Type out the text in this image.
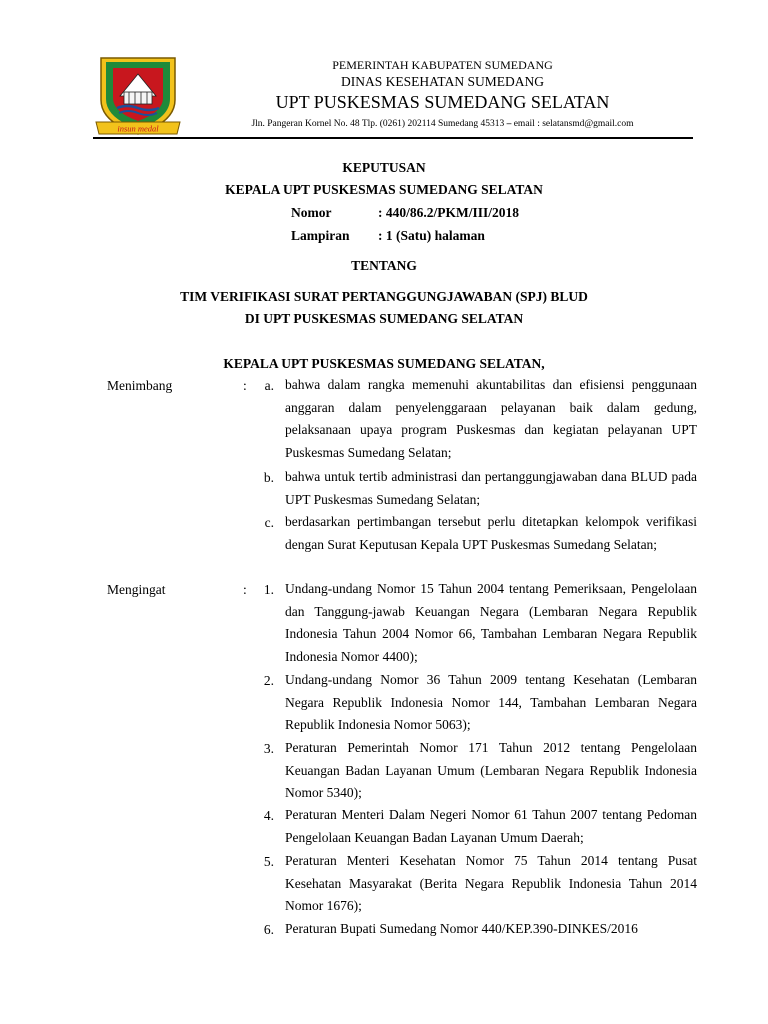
insun medal
PEMERINTAH KABUPATEN SUMEDANG
DINAS KESEHATAN SUMEDANG
UPT PUSKESMAS SUMEDANG SELATAN
Jln. Pangeran Kornel No. 48 Tlp. (0261) 202114 Sumedang 45313 – email : selatansmd@gmail.com
KEPUTUSAN
KEPALA UPT PUSKESMAS SUMEDANG SELATAN
Nomor	: 440/86.2/PKM/III/2018
Lampiran : 1 (Satu) halaman
TENTANG
TIM VERIFIKASI SURAT PERTANGGUNGJAWABAN (SPJ) BLUD
DI UPT PUSKESMAS SUMEDANG SELATAN
KEPALA UPT PUSKESMAS SUMEDANG SELATAN,
Menimbang	:	a. bahwa dalam rangka memenuhi akuntabilitas dan efisiensi penggunaan anggaran dalam penyelenggaraan pelayanan baik dalam gedung, pelaksanaan upaya program Puskesmas dan kegiatan pelayanan UPT Puskesmas Sumedang Selatan;
b. bahwa untuk tertib administrasi dan pertanggungjawaban dana BLUD pada UPT Puskesmas Sumedang Selatan;
c. berdasarkan pertimbangan tersebut perlu ditetapkan kelompok verifikasi dengan Surat Keputusan Kepala UPT Puskesmas Sumedang Selatan;
Mengingat	:	1. Undang-undang Nomor 15 Tahun 2004 tentang Pemeriksaan, Pengelolaan dan Tanggung-jawab Keuangan Negara (Lembaran Negara Republik Indonesia Tahun 2004 Nomor 66, Tambahan Lembaran Negara Republik Indonesia Nomor 4400);
2. Undang-undang Nomor 36 Tahun 2009 tentang Kesehatan (Lembaran Negara Republik Indonesia Nomor 144, Tambahan Lembaran Negara Republik Indonesia Nomor 5063);
3. Peraturan Pemerintah Nomor 171 Tahun 2012 tentang Pengelolaan Keuangan Badan Layanan Umum (Lembaran Negara Republik Indonesia Nomor 5340);
4. Peraturan Menteri Dalam Negeri Nomor 61 Tahun 2007 tentang Pedoman Pengelolaan Keuangan Badan Layanan Umum Daerah;
5. Peraturan Menteri Kesehatan Nomor 75 Tahun 2014 tentang Pusat Kesehatan Masyarakat (Berita Negara Republik Indonesia Tahun 2014 Nomor 1676);
6. Peraturan Bupati Sumedang Nomor 440/KEP.390-DINKES/2016
